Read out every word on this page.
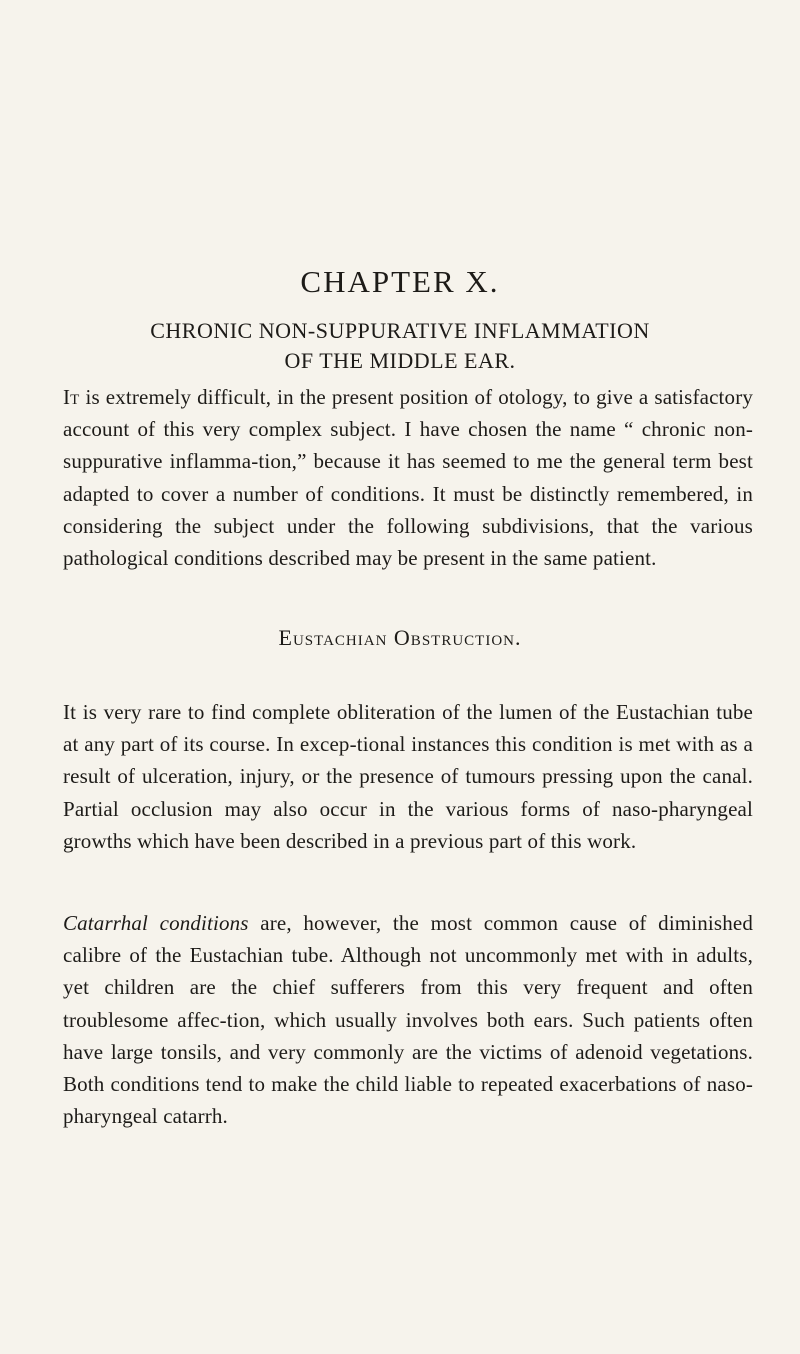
CHAPTER X.
CHRONIC NON-SUPPURATIVE INFLAMMATION
OF THE MIDDLE EAR.

It is extremely difficult, in the present position of otology, to give a satisfactory account of this very complex subject. I have chosen the name “ chronic non-suppurative inflamma-tion,” because it has seemed to me the general term best adapted to cover a number of conditions. It must be distinctly remembered, in considering the subject under the following subdivisions, that the various pathological conditions described may be present in the same patient.

Eustachian Obstruction.

It is very rare to find complete obliteration of the lumen of the Eustachian tube at any part of its course. In excep-tional instances this condition is met with as a result of ulceration, injury, or the presence of tumours pressing upon the canal. Partial occlusion may also occur in the various forms of naso-pharyngeal growths which have been described in a previous part of this work.

Catarrhal conditions are, however, the most common cause of diminished calibre of the Eustachian tube. Although not uncommonly met with in adults, yet children are the chief sufferers from this very frequent and often troublesome affec-tion, which usually involves both ears. Such patients often have large tonsils, and very commonly are the victims of adenoid vegetations. Both conditions tend to make the child liable to repeated exacerbations of naso-pharyngeal catarrh.
